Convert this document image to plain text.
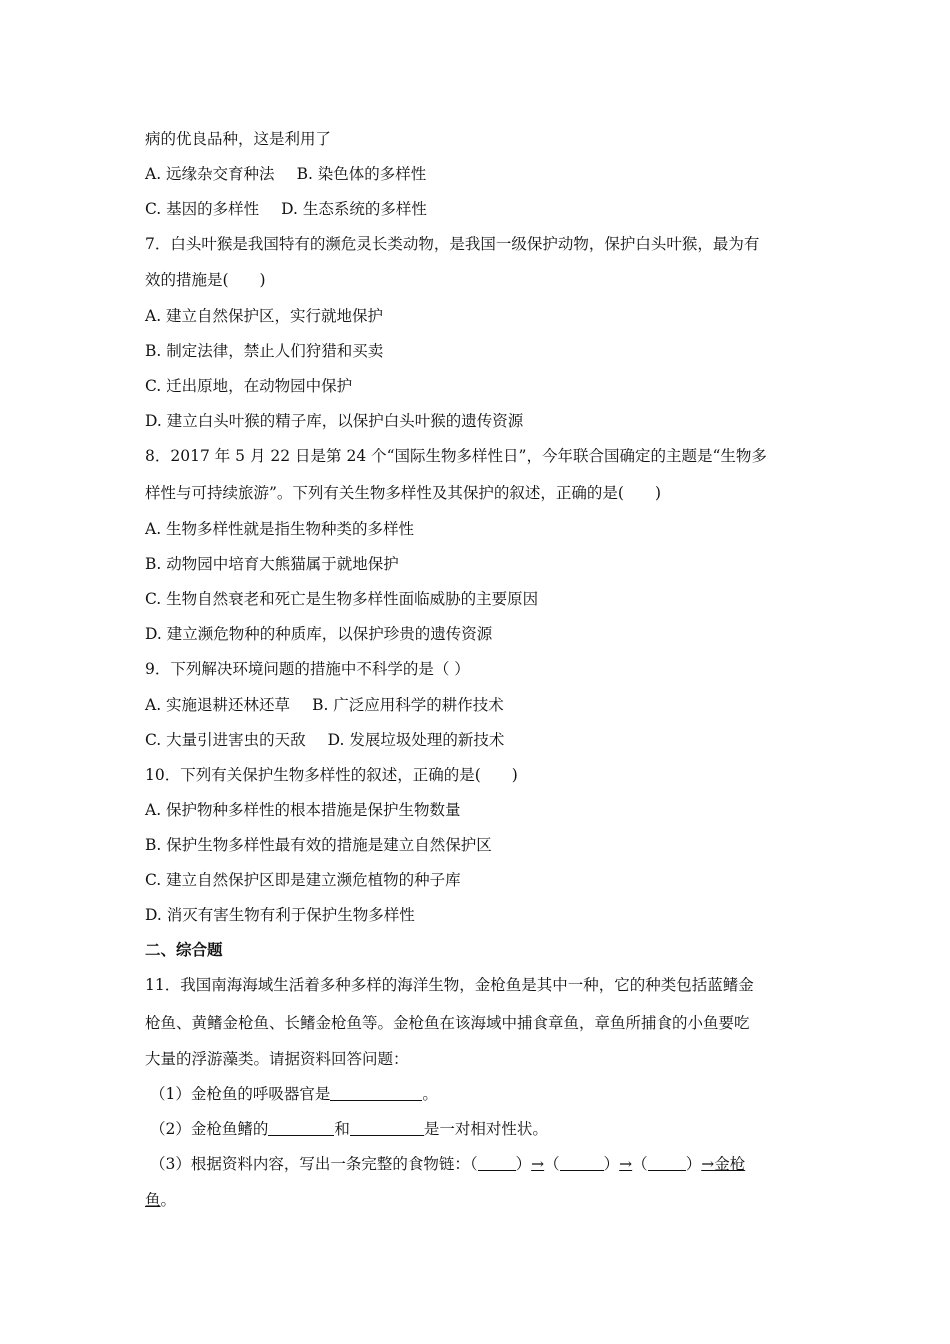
病的优良品种，这是利用了
A. 远缘杂交育种法 B. 染色体的多样性
C. 基因的多样性 D. 生态系统的多样性
7．白头叶猴是我国特有的濒危灵长类动物，是我国一级保护动物，保护白头叶猴，最为有
效的措施是(　　)
A. 建立自然保护区，实行就地保护
B. 制定法律，禁止人们狩猎和买卖
C. 迁出原地，在动物园中保护
D. 建立白头叶猴的精子库，以保护白头叶猴的遗传资源
8．2017 年 5 月 22 日是第 24 个“国际生物多样性日”，今年联合国确定的主题是“生物多
样性与可持续旅游”。下列有关生物多样性及其保护的叙述，正确的是(　　)
A. 生物多样性就是指生物种类的多样性
B. 动物园中培育大熊猫属于就地保护
C. 生物自然衰老和死亡是生物多样性面临威胁的主要原因
D. 建立濒危物种的种质库，以保护珍贵的遗传资源
9．下列解决环境问题的措施中不科学的是（ ）
A. 实施退耕还林还草 B. 广泛应用科学的耕作技术
C. 大量引进害虫的天敌 D. 发展垃圾处理的新技术
10．下列有关保护生物多样性的叙述，正确的是(　　)
A. 保护物种多样性的根本措施是保护生物数量
B. 保护生物多样性最有效的措施是建立自然保护区
C. 建立自然保护区即是建立濒危植物的种子库
D. 消灭有害生物有利于保护生物多样性
二、综合题
11．我国南海海域生活着多种多样的海洋生物，金枪鱼是其中一种，它的种类包括蓝鳍金
枪鱼、黄鳍金枪鱼、长鳍金枪鱼等。金枪鱼在该海域中捕食章鱼，章鱼所捕食的小鱼要吃
大量的浮游藻类。请据资料回答问题：
（1）金枪鱼的呼吸器官是	。
（2）金枪鱼鳍的	和	是一对相对性状。
（3）根据资料内容，写出一条完整的食物链：（ ）→（	）→（ ）→金枪
鱼。
